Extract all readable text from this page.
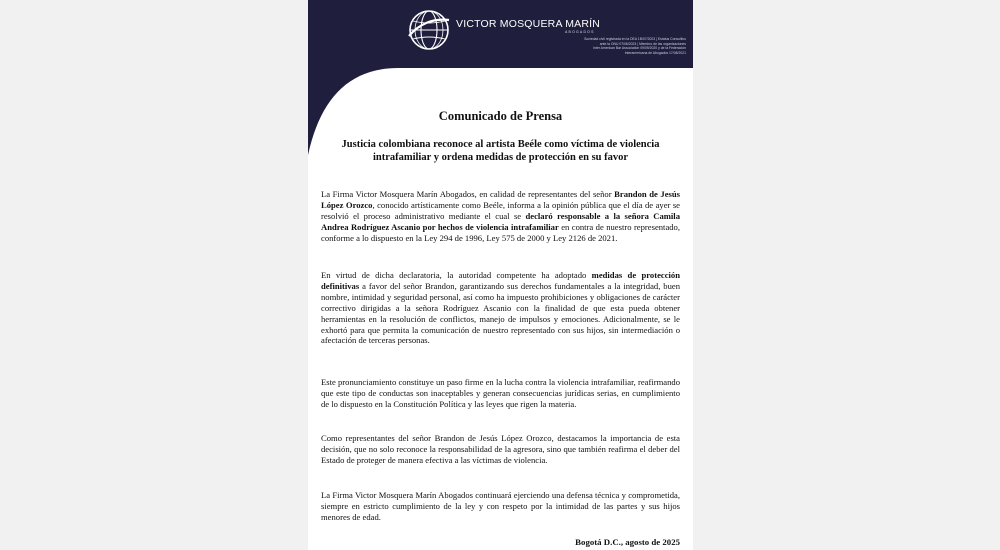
VICTOR MOSQUERA MARÍN
ABOGADOS
Sociedad civil registrada en la DEA 1B/07/2023 | Estatus Consultivo
ante la ONU 07/06/2023 | Miembro de las organizaciones
Inter American Bar Association 09/09/2020 y de la Federación
Interamericana de Abogados 17/08/2021
Comunicado de Prensa
Justicia colombiana reconoce al artista Beéle como víctima de violencia
intrafamiliar y ordena medidas de protección en su favor

La Firma Victor Mosquera Marín Abogados, en calidad de representantes del señor Brandon de Jesús López Orozco, conocido artísticamente como Beéle, informa a la opinión pública que el día de ayer se resolvió el proceso administrativo mediante el cual se declaró responsable a la señora Camila Andrea Rodríguez Ascanio por hechos de violencia intrafamiliar en contra de nuestro representado, conforme a lo dispuesto en la Ley 294 de 1996, Ley 575 de 2000 y Ley 2126 de 2021.

En virtud de dicha declaratoria, la autoridad competente ha adoptado medidas de protección definitivas a favor del señor Brandon, garantizando sus derechos fundamentales a la integridad, buen nombre, intimidad y seguridad personal, así como ha impuesto prohibiciones y obligaciones de carácter correctivo dirigidas a la señora Rodríguez Ascanio con la finalidad de que esta pueda obtener herramientas en la resolución de conflictos, manejo de impulsos y emociones. Adicionalmente, se le exhortó para que permita la comunicación de nuestro representado con sus hijos, sin intermediación o afectación de terceras personas.

Este pronunciamiento constituye un paso firme en la lucha contra la violencia intrafamiliar, reafirmando que este tipo de conductas son inaceptables y generan consecuencias jurídicas serias, en cumplimiento de lo dispuesto en la Constitución Política y las leyes que rigen la materia.

Como representantes del señor Brandon de Jesús López Orozco, destacamos la importancia de esta decisión, que no solo reconoce la responsabilidad de la agresora, sino que también reafirma el deber del Estado de proteger de manera efectiva a las víctimas de violencia.

La Firma Victor Mosquera Marín Abogados continuará ejerciendo una defensa técnica y comprometida, siempre en estricto cumplimiento de la ley y con respeto por la intimidad de las partes y sus hijos menores de edad.

Bogotá D.C., agosto de 2025
